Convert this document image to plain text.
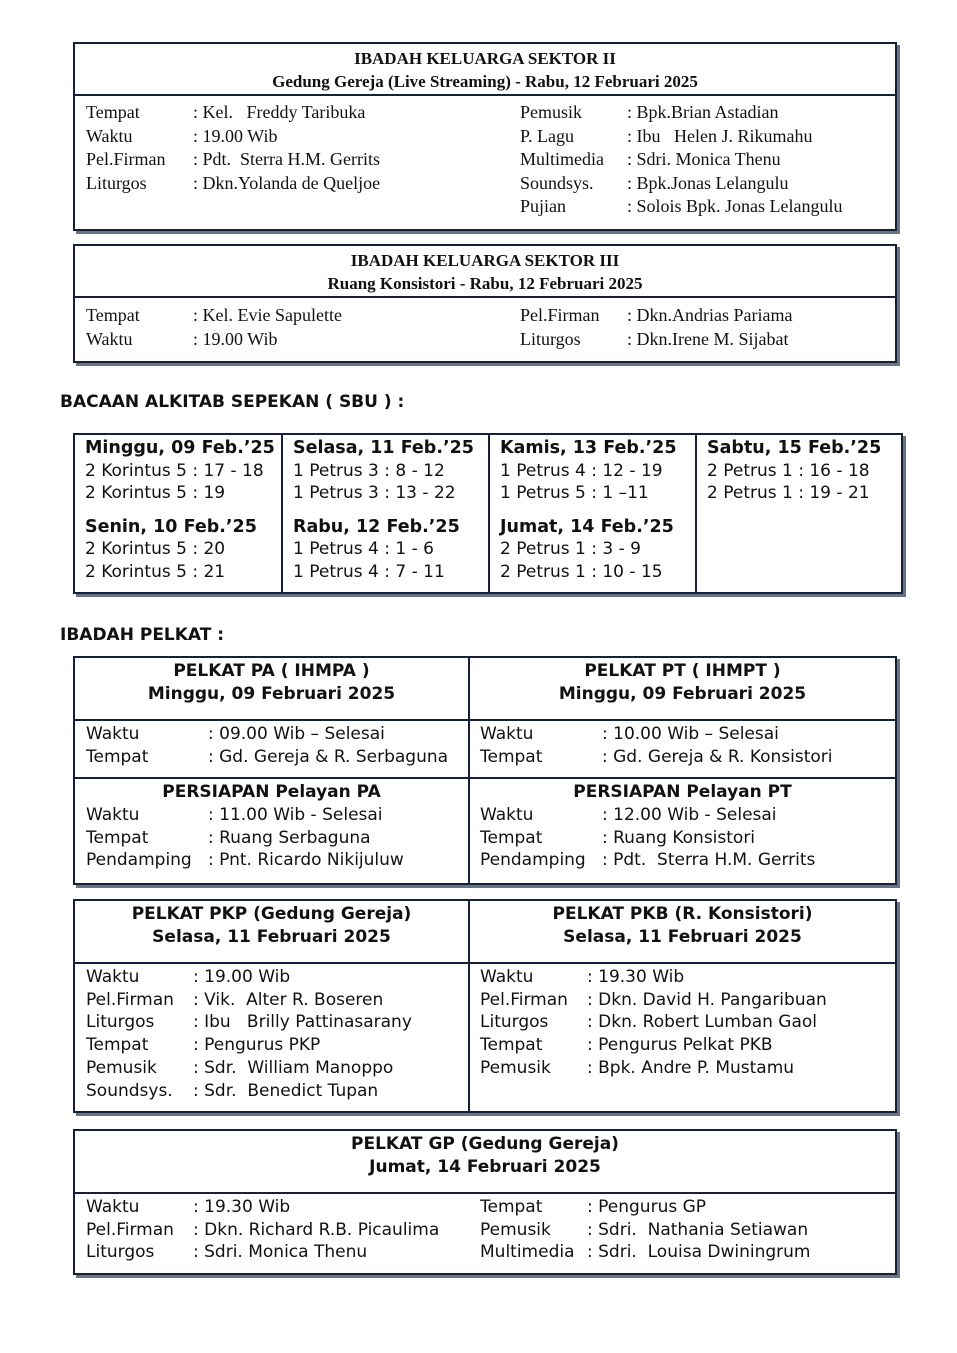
IBADAH KELUARGA SEKTOR II
Gedung Gereja (Live Streaming) - Rabu, 12 Februari 2025
Tempat	: Kel.   Freddy Taribuka
Waktu	: 19.00 Wib
Pel.Firman : Pdt.  Sterra H.M. Gerrits
Liturgos	: Dkn.Yolanda de Queljoe
Pemusik : Bpk.Brian Astadian
P. Lagu	: Ibu   Helen J. Rikumahu
Multimedia : Sdri. Monica Thenu
Soundsys. : Bpk.Jonas Lelangulu
Pujian	: Solois Bpk. Jonas Lelangulu
IBADAH KELUARGA SEKTOR III
Ruang Konsistori - Rabu, 12 Februari 2025
Tempat	: Kel. Evie Sapulette
Waktu	: 19.00 Wib
Pel.Firman : Dkn.Andrias Pariama
Liturgos	: Dkn.Irene M. Sijabat
BACAAN ALKITAB SEPEKAN ( SBU ) :
Minggu, 09 Feb.’25
2 Korintus 5 : 17 - 18
2 Korintus 5 : 19
Senin, 10 Feb.’25
2 Korintus 5 : 20
2 Korintus 5 : 21
Selasa, 11 Feb.’25
1 Petrus 3 : 8 - 12
1 Petrus 3 : 13 - 22
Rabu, 12 Feb.’25
1 Petrus 4 : 1 - 6
1 Petrus 4 : 7 - 11
Kamis, 13 Feb.’25
1 Petrus 4 : 12 - 19
1 Petrus 5 : 1 –11
Jumat, 14 Feb.’25
2 Petrus 1 : 3 - 9
2 Petrus 1 : 10 - 15
Sabtu, 15 Feb.’25
2 Petrus 1 : 16 - 18
2 Petrus 1 : 19 - 21
IBADAH PELKAT :
PELKAT PA ( IHMPA )
Minggu, 09 Februari 2025
PELKAT PT ( IHMPT )
Minggu, 09 Februari 2025
PERSIAPAN Pelayan PA	PERSIAPAN Pelayan PT
Waktu	: 09.00 Wib – Selesai
Tempat	: Gd. Gereja & R. Serbaguna
Waktu	: 10.00 Wib – Selesai
Tempat	: Gd. Gereja & R. Konsistori
Waktu	: 11.00 Wib - Selesai
Tempat	: Ruang Serbaguna
Pendamping : Pnt. Ricardo Nikijuluw
Waktu	: 12.00 Wib - Selesai
Tempat	: Ruang Konsistori
Pendamping : Pdt.  Sterra H.M. Gerrits
PELKAT PKP (Gedung Gereja)
Selasa, 11 Februari 2025
PELKAT PKB (R. Konsistori)
Selasa, 11 Februari 2025
Waktu	: 19.00 Wib
Pel.Firman : Vik.  Alter R. Boseren
Liturgos : Ibu   Brilly Pattinasarany
Tempat	: Pengurus PKP
Pemusik : Sdr.  William Manoppo
Soundsys. : Sdr.  Benedict Tupan
Waktu	: 19.30 Wib
Pel.Firman : Dkn. David H. Pangaribuan
Liturgos : Dkn. Robert Lumban Gaol
Tempat	: Pengurus Pelkat PKB
Pemusik : Bpk. Andre P. Mustamu
PELKAT GP (Gedung Gereja)
Jumat, 14 Februari 2025
Waktu	: 19.30 Wib
Pel.Firman : Dkn. Richard R.B. Picaulima
Liturgos : Sdri. Monica Thenu
Tempat	: Pengurus GP
Pemusik : Sdri.  Nathania Setiawan
Multimedia : Sdri.  Louisa Dwiningrum
